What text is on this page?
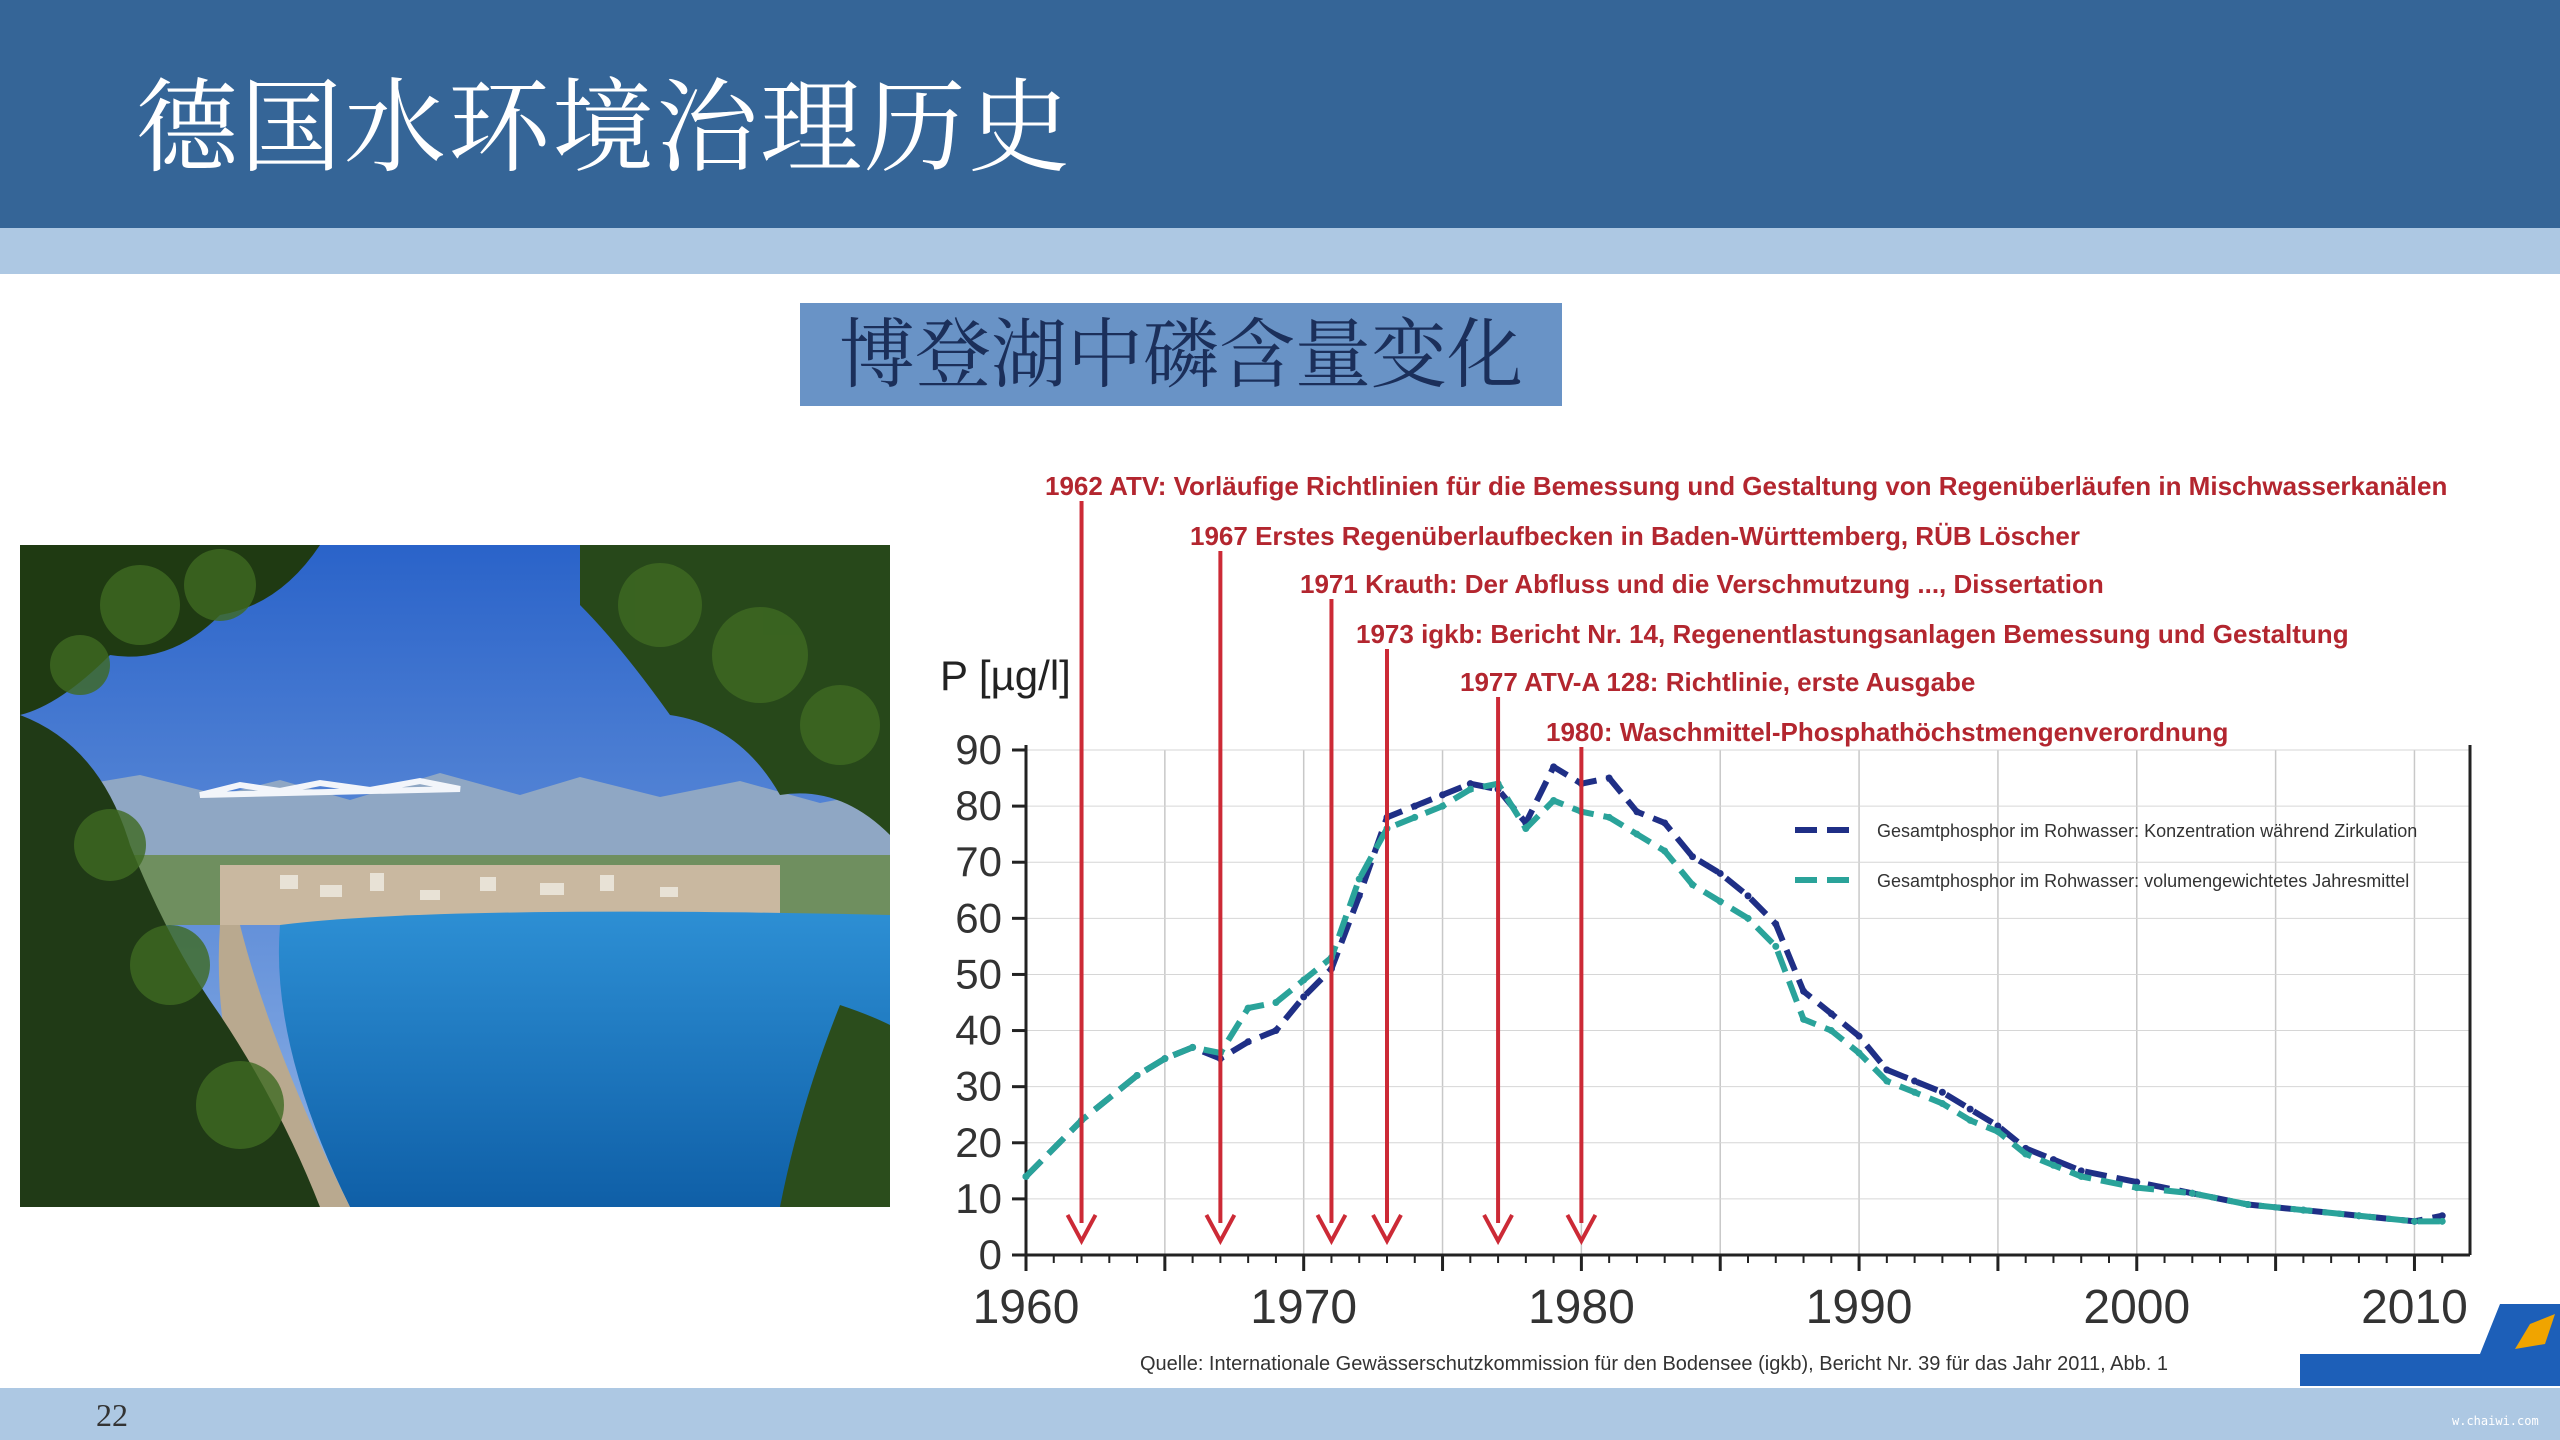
德国水环境治理历史
博登湖中磷含量变化
0
10
20
30
40
50
60
70
80
90
1960	1970	1980	1990	2000	2010
P [µg/l]
1962 ATV: Vorläufige Richtlinien für die Bemessung und Gestaltung von Regenüberläufen in Mischwasserkanälen
1967 Erstes Regenüberlaufbecken in Baden-Württemberg, RÜB Löscher
1971 Krauth: Der Abfluss und die Verschmutzung ..., Dissertation
1973 igkb: Bericht Nr. 14, Regenentlastungsanlagen Bemessung und Gestaltung
1977 ATV-A 128: Richtlinie, erste Ausgabe
1980: Waschmittel-Phosphathöchstmengenverordnung
Gesamtphosphor im Rohwasser: Konzentration während Zirkulation
Gesamtphosphor im Rohwasser: volumengewichtetes Jahresmittel
Quelle: Internationale Gewässerschutzkommission für den Bodensee (igkb), Bericht Nr. 39 für das Jahr 2011, Abb. 1
22	w.chaiwi.com
